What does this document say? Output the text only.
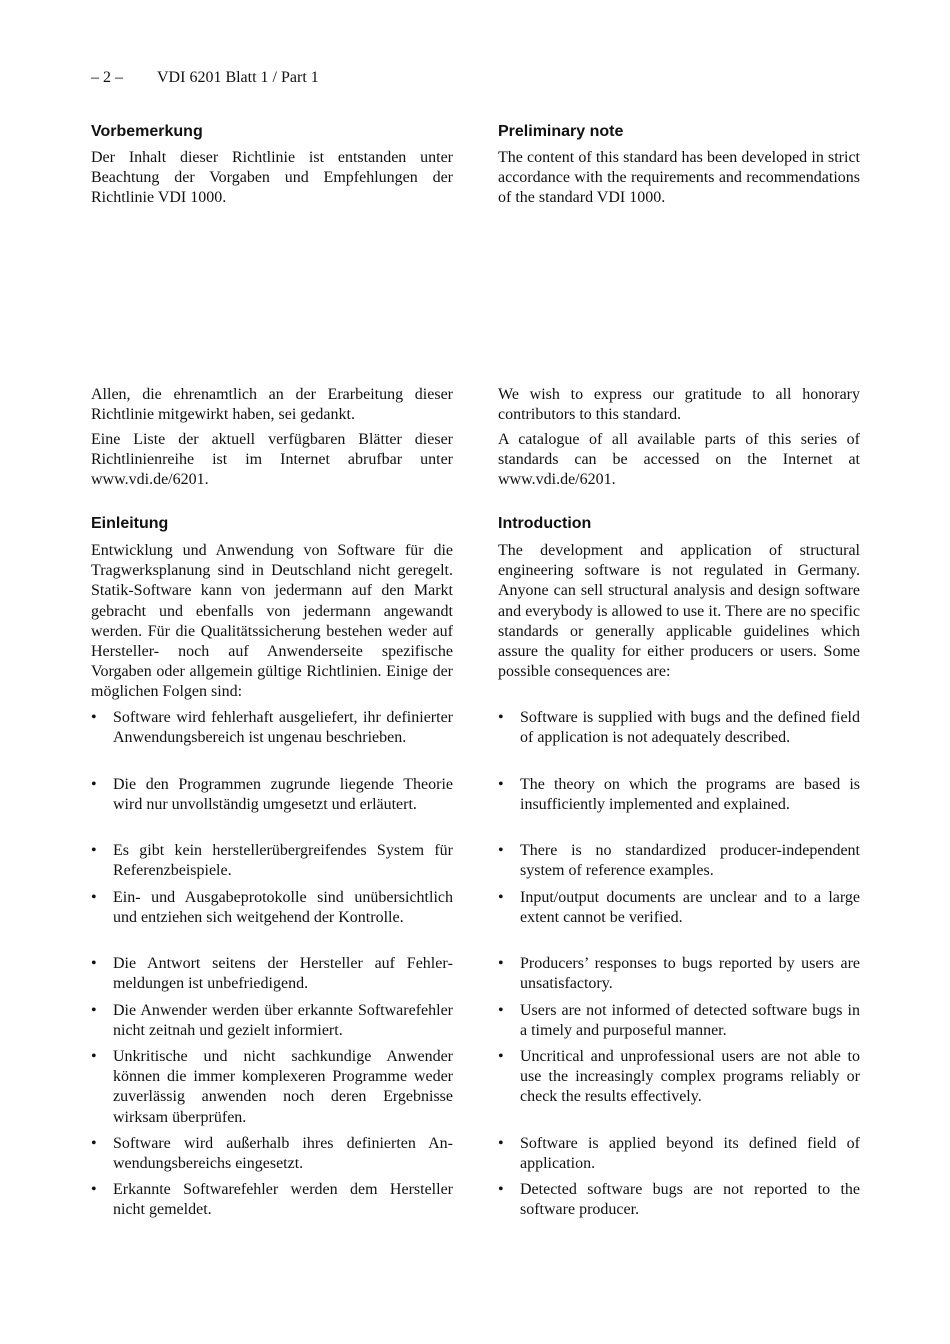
– 2 – VDI 6201 Blatt 1 / Part 1
Vorbemerkung
Der Inhalt dieser Richtlinie ist entstanden unter Beachtung der Vorgaben und Empfehlungen der Richtlinie VDI 1000.
Allen, die ehrenamtlich an der Erarbeitung dieser Richtlinie mitgewirkt haben, sei gedankt.
Eine Liste der aktuell verfügbaren Blätter dieser Richtlinienreihe ist im Internet abrufbar unter www.vdi.de/6201.
Einleitung
Entwicklung und Anwendung von Software für die Tragwerksplanung sind in Deutschland nicht geregelt. Statik-Software kann von jedermann auf den Markt gebracht und ebenfalls von jedermann angewandt werden. Für die Qualitätssicherung bestehen weder auf Hersteller- noch auf Anwenderseite spezifische Vorgaben oder allgemein gültige Richtlinien. Einige der möglichen Folgen sind:
•	Software wird fehlerhaft ausgeliefert, ihr definierter Anwendungsbereich ist ungenau beschrieben.
•	Die den Programmen zugrunde liegende Theorie wird nur unvollständig umgesetzt und erläutert.
•	Es gibt kein herstellerübergreifendes System für Referenzbeispiele.
•	Ein- und Ausgabeprotokolle sind unübersichtlich und entziehen sich weitgehend der Kontrolle.
•	Die Antwort seitens der Hersteller auf Fehlermeldungen ist unbefriedigend.
•	Die Anwender werden über erkannte Softwarefehler nicht zeitnah und gezielt informiert.
•	Unkritische und nicht sachkundige Anwender können die immer komplexeren Programme weder zuverlässig anwenden noch deren Ergebnisse wirksam überprüfen.
•	Software wird außerhalb ihres definierten Anwendungsbereichs eingesetzt.
•	Erkannte Softwarefehler werden dem Hersteller nicht gemeldet.
Preliminary note
The content of this standard has been developed in strict accordance with the requirements and recommendations of the standard VDI 1000.
We wish to express our gratitude to all honorary contributors to this standard.
A catalogue of all available parts of this series of standards can be accessed on the Internet at www.vdi.de/6201.
Introduction
The development and application of structural engineering software is not regulated in Germany. Anyone can sell structural analysis and design software and everybody is allowed to use it. There are no specific standards or generally applicable guidelines which assure the quality for either producers or users. Some possible consequences are:
•	Software is supplied with bugs and the defined field of application is not adequately described.
•	The theory on which the programs are based is insufficiently implemented and explained.
•	There is no standardized producer-independent system of reference examples.
•	Input/output documents are unclear and to a large extent cannot be verified.
•	Producers’ responses to bugs reported by users are unsatisfactory.
•	Users are not informed of detected software bugs in a timely and purposeful manner.
•	Uncritical and unprofessional users are not able to use the increasingly complex programs reliably or check the results effectively.
•	Software is applied beyond its defined field of application.
•	Detected software bugs are not reported to the software producer.
